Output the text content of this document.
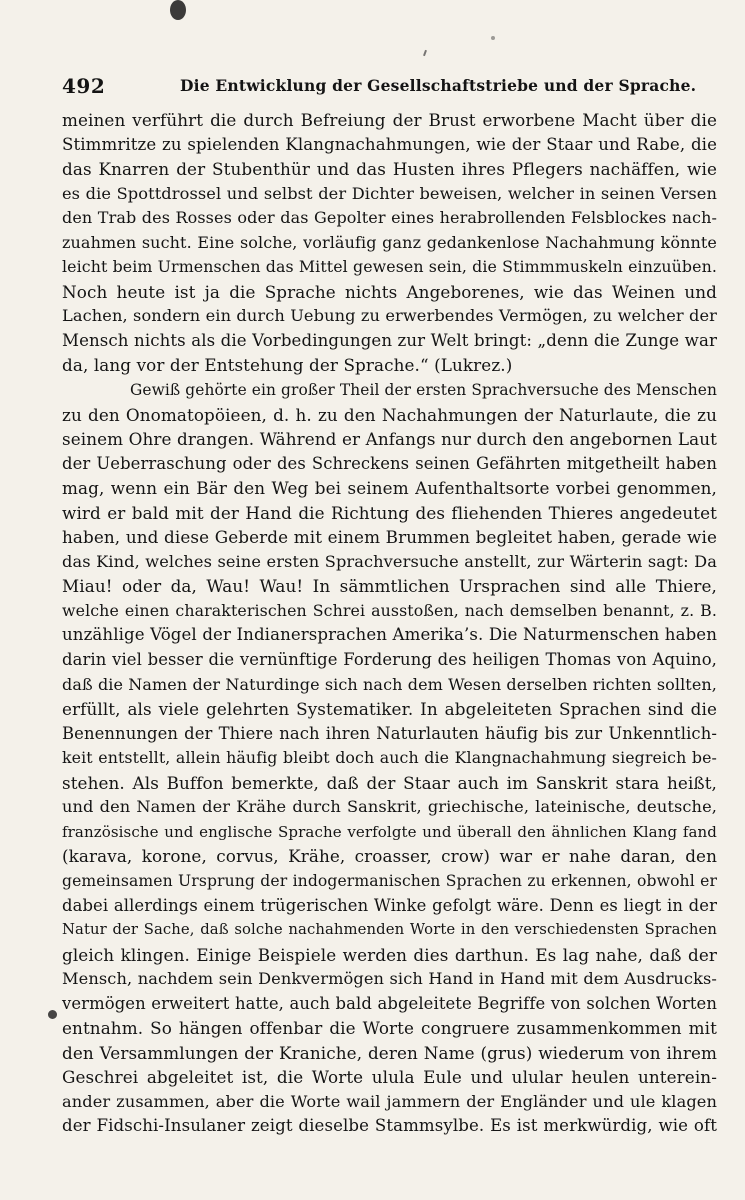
492	Die Entwicklung der Gesellschaftstriebe und der Sprache.
meinen verführt die durch Befreiung der Brust erworbene Macht über die
Stimmritze zu spielenden Klangnachahmungen, wie der Staar und Rabe, die
das Knarren der Stubenthür und das Husten ihres Pflegers nachäffen, wie
es die Spottdrossel und selbst der Dichter beweisen, welcher in seinen Versen
den Trab des Rosses oder das Gepolter eines herabrollenden Felsblockes nach-
zuahmen sucht. Eine solche, vorläufig ganz gedankenlose Nachahmung könnte
leicht beim Urmenschen das Mittel gewesen sein, die Stimmmuskeln einzuüben.
Noch heute ist ja die Sprache nichts Angeborenes, wie das Weinen und
Lachen, sondern ein durch Uebung zu erwerbendes Vermögen, zu welcher der
Mensch nichts als die Vorbedingungen zur Welt bringt: „denn die Zunge war
da, lang vor der Entstehung der Sprache.“ (Lukrez.)
Gewiß gehörte ein großer Theil der ersten Sprachversuche des Menschen
zu den Onomatopöieen, d. h. zu den Nachahmungen der Naturlaute, die zu
seinem Ohre drangen. Während er Anfangs nur durch den angebornen Laut
der Ueberraschung oder des Schreckens seinen Gefährten mitgetheilt haben
mag, wenn ein Bär den Weg bei seinem Aufenthaltsorte vorbei genommen,
wird er bald mit der Hand die Richtung des fliehenden Thieres angedeutet
haben, und diese Geberde mit einem Brummen begleitet haben, gerade wie
das Kind, welches seine ersten Sprachversuche anstellt, zur Wärterin sagt: Da
Miau! oder da, Wau! Wau! In sämmtlichen Ursprachen sind alle Thiere,
welche einen charakterischen Schrei ausstoßen, nach demselben benannt, z. B.
unzählige Vögel der Indianersprachen Amerika’s. Die Naturmenschen haben
darin viel besser die vernünftige Forderung des heiligen Thomas von Aquino,
daß die Namen der Naturdinge sich nach dem Wesen derselben richten sollten,
erfüllt, als viele gelehrten Systematiker. In abgeleiteten Sprachen sind die
Benennungen der Thiere nach ihren Naturlauten häufig bis zur Unkenntlich-
keit entstellt, allein häufig bleibt doch auch die Klangnachahmung siegreich be-
stehen. Als Buffon bemerkte, daß der Staar auch im Sanskrit stara heißt,
und den Namen der Krähe durch Sanskrit, griechische, lateinische, deutsche,
französische und englische Sprache verfolgte und überall den ähnlichen Klang fand
(karava, korone, corvus, Krähe, croasser, crow) war er nahe daran, den
gemeinsamen Ursprung der indogermanischen Sprachen zu erkennen, obwohl er
dabei allerdings einem trügerischen Winke gefolgt wäre. Denn es liegt in der
Natur der Sache, daß solche nachahmenden Worte in den verschiedensten Sprachen
gleich klingen. Einige Beispiele werden dies darthun. Es lag nahe, daß der
Mensch, nachdem sein Denkvermögen sich Hand in Hand mit dem Ausdrucks-
vermögen erweitert hatte, auch bald abgeleitete Begriffe von solchen Worten
entnahm. So hängen offenbar die Worte congruere zusammenkommen mit
den Versammlungen der Kraniche, deren Name (grus) wiederum von ihrem
Geschrei abgeleitet ist, die Worte ulula Eule und ulular heulen unterein-
ander zusammen, aber die Worte wail jammern der Engländer und ule klagen
der Fidschi-Insulaner zeigt dieselbe Stammsylbe. Es ist merkwürdig, wie oft
